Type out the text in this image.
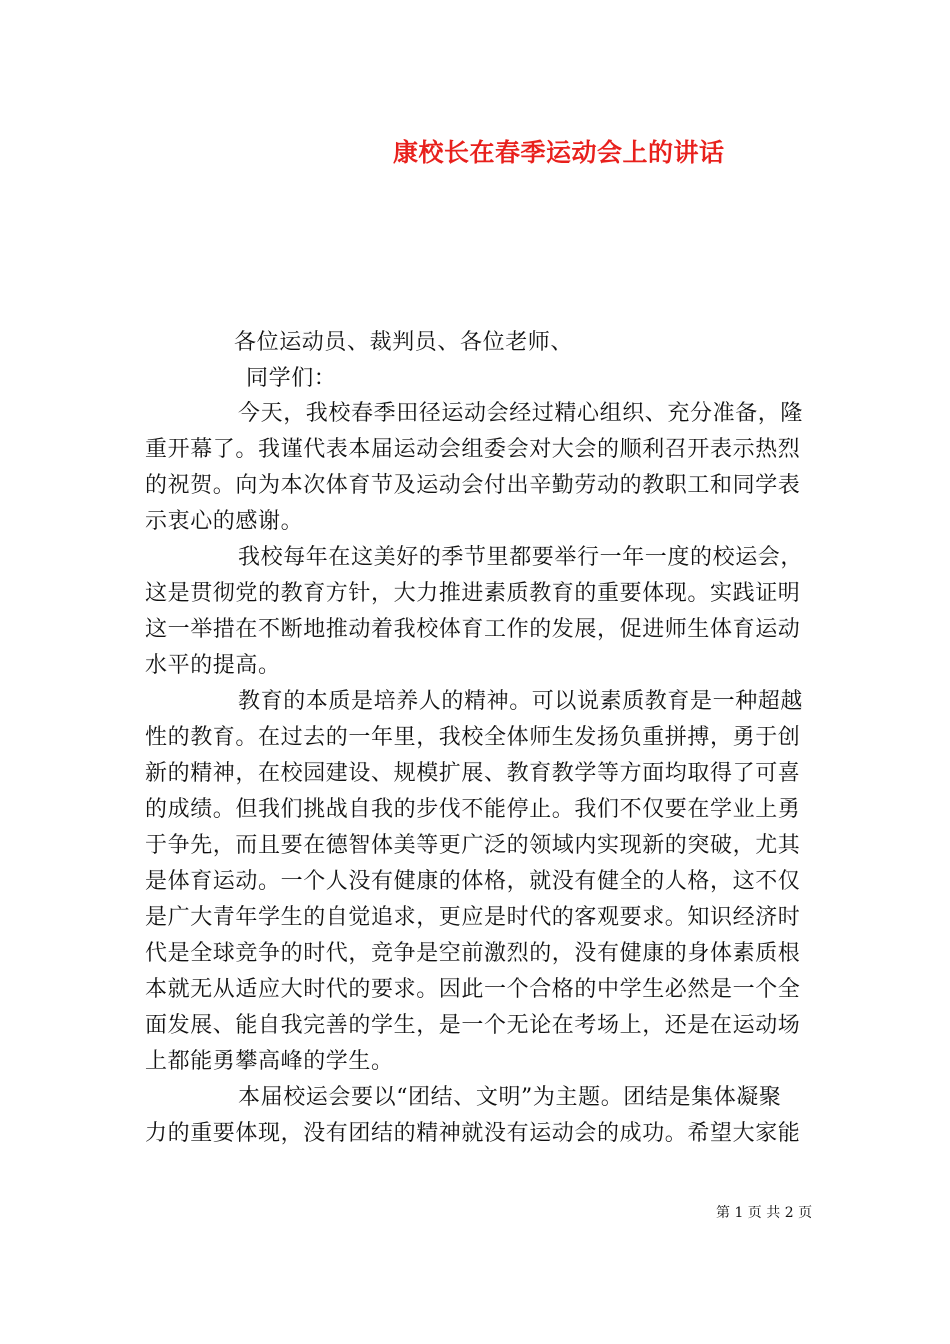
康校长在春季运动会上的讲话
各位运动员、裁判员、各位老师、
同学们：
今天，我校春季田径运动会经过精心组织、充分准备，隆
重开幕了。我谨代表本届运动会组委会对大会的顺利召开表示热烈
的祝贺。向为本次体育节及运动会付出辛勤劳动的教职工和同学表
示衷心的感谢。
我校每年在这美好的季节里都要举行一年一度的校运会，
这是贯彻党的教育方针，大力推进素质教育的重要体现。实践证明
这一举措在不断地推动着我校体育工作的发展，促进师生体育运动
水平的提高。
教育的本质是培养人的精神。可以说素质教育是一种超越
性的教育。在过去的一年里，我校全体师生发扬负重拼搏，勇于创
新的精神，在校园建设、规模扩展、教育教学等方面均取得了可喜
的成绩。但我们挑战自我的步伐不能停止。我们不仅要在学业上勇
于争先，而且要在德智体美等更广泛的领域内实现新的突破，尤其
是体育运动。一个人没有健康的体格，就没有健全的人格，这不仅
是广大青年学生的自觉追求，更应是时代的客观要求。知识经济时
代是全球竞争的时代，竞争是空前激烈的，没有健康的身体素质根
本就无从适应大时代的要求。因此一个合格的中学生必然是一个全
面发展、能自我完善的学生，是一个无论在考场上，还是在运动场
上都能勇攀高峰的学生。
本届校运会要以“团结、文明”为主题。团结是集体凝聚
力的重要体现，没有团结的精神就没有运动会的成功。希望大家能
第 1 页 共 2 页
